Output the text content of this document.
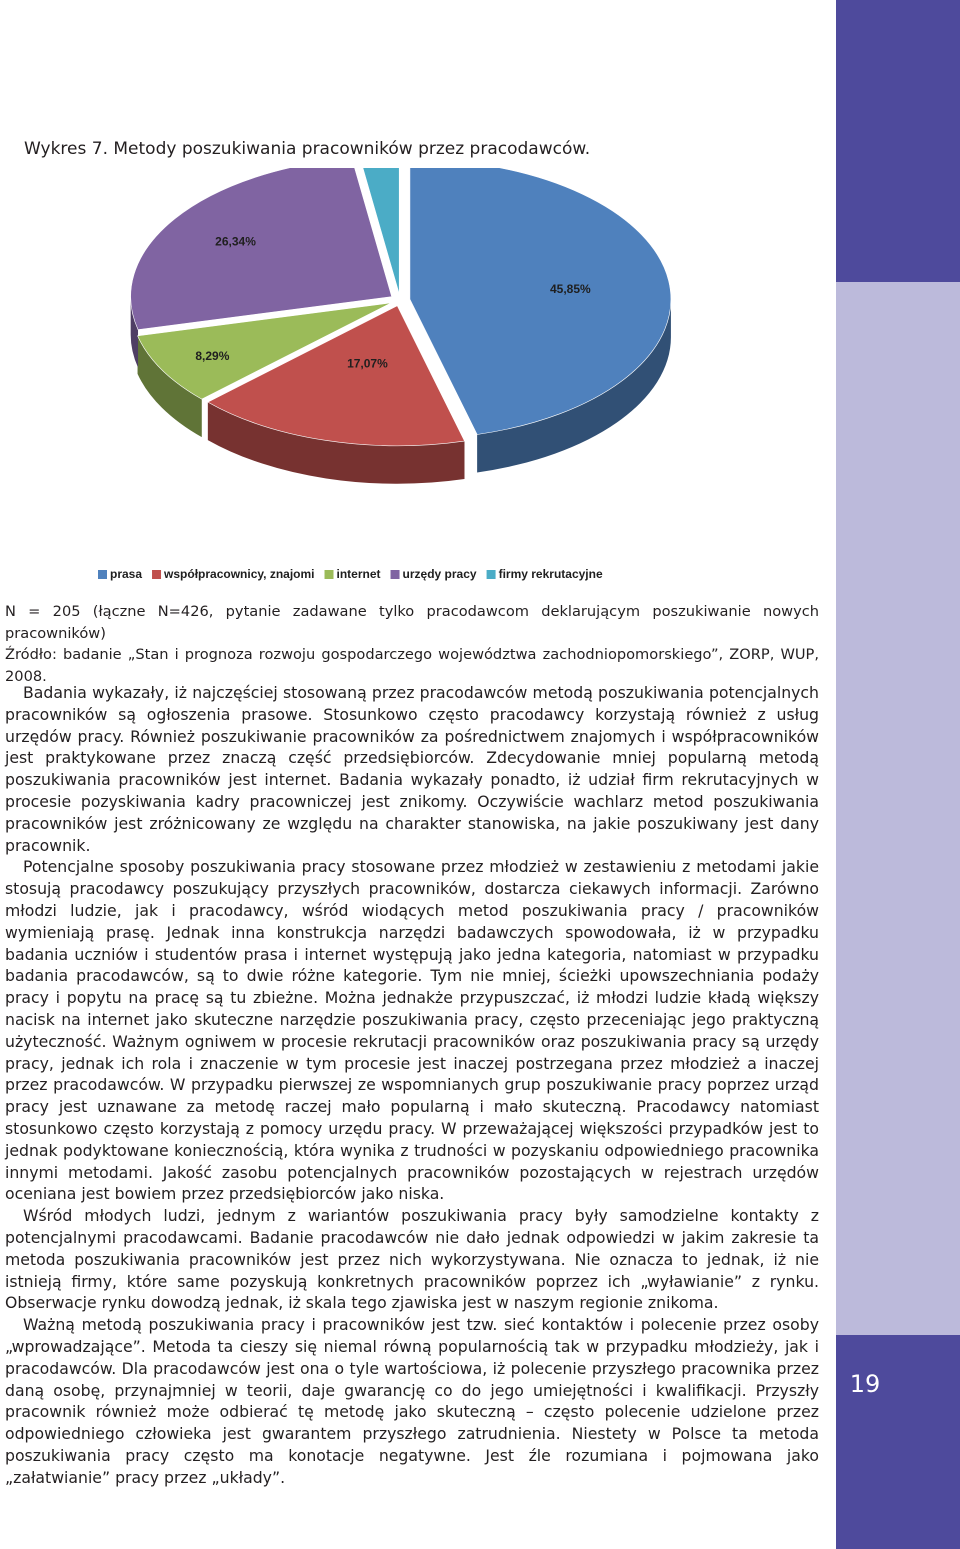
19
Wykres 7. Metody poszukiwania pracowników przez pracodawców.
45,85%
17,07%
8,29%
26,34%
prasa współpracownicy, znajomi internet urzędy pracy firmy rekrutacyjne

N = 205 (łączne N=426, pytanie zadawane tylko pracodawcom deklarującym poszukiwanie nowych pracowników)

Źródło: badanie „Stan i prognoza rozwoju gospodarczego województwa zachodniopomorskiego”, ZORP, WUP, 2008.

Badania wykazały, iż najczęściej stosowaną przez pracodawców metodą poszukiwania potencjalnych pracowników są ogłoszenia prasowe. Stosunkowo często pracodawcy korzystają również z usług urzędów pracy. Również poszukiwanie pracowników za pośrednictwem znajomych i współpracowników jest praktykowane przez znaczą część przedsiębiorców. Zdecydowanie mniej popularną metodą poszukiwania pracowników jest internet. Badania wykazały ponadto, iż udział firm rekrutacyjnych w procesie pozyskiwania kadry pracowniczej jest znikomy. Oczywiście wachlarz metod poszukiwania pracowników jest zróżnicowany ze względu na charakter stanowiska, na jakie poszukiwany jest dany pracownik.

Potencjalne sposoby poszukiwania pracy stosowane przez młodzież w zestawieniu z metodami jakie stosują pracodawcy poszukujący przyszłych pracowników, dostarcza ciekawych informacji. Zarówno młodzi ludzie, jak i pracodawcy, wśród wiodących metod poszukiwania pracy / pracowników wymieniają prasę. Jednak inna konstrukcja narzędzi badawczych spowodowała, iż w przypadku badania uczniów i studentów prasa i internet występują jako jedna kategoria, natomiast w przypadku badania pracodawców, są to dwie różne kategorie. Tym nie mniej, ścieżki upowszechniania podaży pracy i popytu na pracę są tu zbieżne. Można jednakże przypuszczać, iż młodzi ludzie kładą większy nacisk na internet jako skuteczne narzędzie poszukiwania pracy, często przeceniając jego praktyczną użyteczność. Ważnym ogniwem w procesie rekrutacji pracowników oraz poszukiwania pracy są urzędy pracy, jednak ich rola i znaczenie w tym procesie jest inaczej postrzegana przez młodzież a inaczej przez pracodawców. W przypadku pierwszej ze wspomnianych grup poszukiwanie pracy poprzez urząd pracy jest uznawane za metodę raczej mało popularną i mało skuteczną. Pracodawcy natomiast stosunkowo często korzystają z pomocy urzędu pracy. W przeważającej większości przypadków jest to jednak podyktowane koniecznością, która wynika z trudności w pozyskaniu odpowiedniego pracownika innymi metodami. Jakość zasobu potencjalnych pracowników pozostających w rejestrach urzędów oceniana jest bowiem przez przedsiębiorców jako niska.

Wśród młodych ludzi, jednym z wariantów poszukiwania pracy były samodzielne kontakty z potencjalnymi pracodawcami. Badanie pracodawców nie dało jednak odpowiedzi w jakim zakresie ta metoda poszukiwania pracowników jest przez nich wykorzystywana. Nie oznacza to jednak, iż nie istnieją firmy, które same pozyskują konkretnych pracowników poprzez ich „wyławianie” z rynku. Obserwacje rynku dowodzą jednak, iż skala tego zjawiska jest w naszym regionie znikoma.

Ważną metodą poszukiwania pracy i pracowników jest tzw. sieć kontaktów i polecenie przez osoby „wprowadzające”. Metoda ta cieszy się niemal równą popularnością tak w przypadku młodzieży, jak i pracodawców. Dla pracodawców jest ona o tyle wartościowa, iż polecenie przyszłego pracownika przez daną osobę, przynajmniej w teorii, daje gwarancję co do jego umiejętności i kwalifikacji. Przyszły pracownik również może odbierać tę metodę jako skuteczną – często polecenie udzielone przez odpowiedniego człowieka jest gwarantem przyszłego zatrudnienia. Niestety w Polsce ta metoda poszukiwania pracy często ma konotacje negatywne. Jest źle rozumiana i pojmowana jako „załatwianie” pracy przez „układy”.
